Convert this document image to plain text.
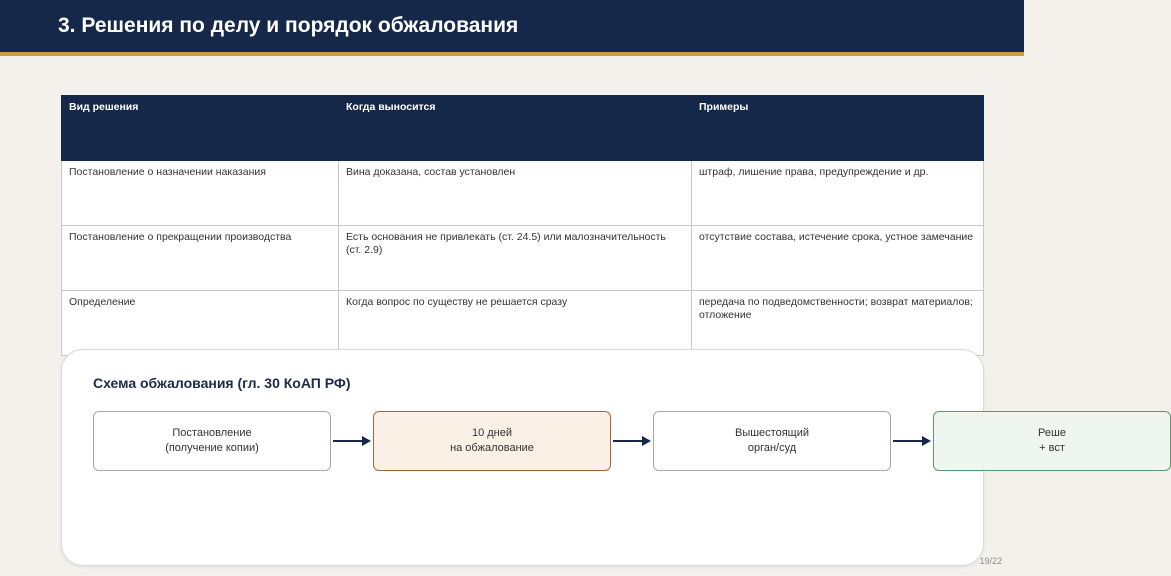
3. Решения по делу и порядок обжалования
Вид решения	Когда выносится	Примеры
Постановление о назначении наказания	Вина доказана, состав установлен	штраф, лишение права, предупреждение и др.
Постановление о прекращении производства	Есть основания не привлекать (ст. 24.5) или малозначительность (ст. 2.9)	отсутствие состава, истечение срока, устное замечание
Определение	Когда вопрос по существу не решается сразу	передача по подведомственности; возврат материалов; отложение
Схема обжалования (гл. 30 КоАП РФ)
Постановление
(получение копии)
10 дней
на обжалование
Вышестоящий
орган/суд
Реше
+ вст
19/22
